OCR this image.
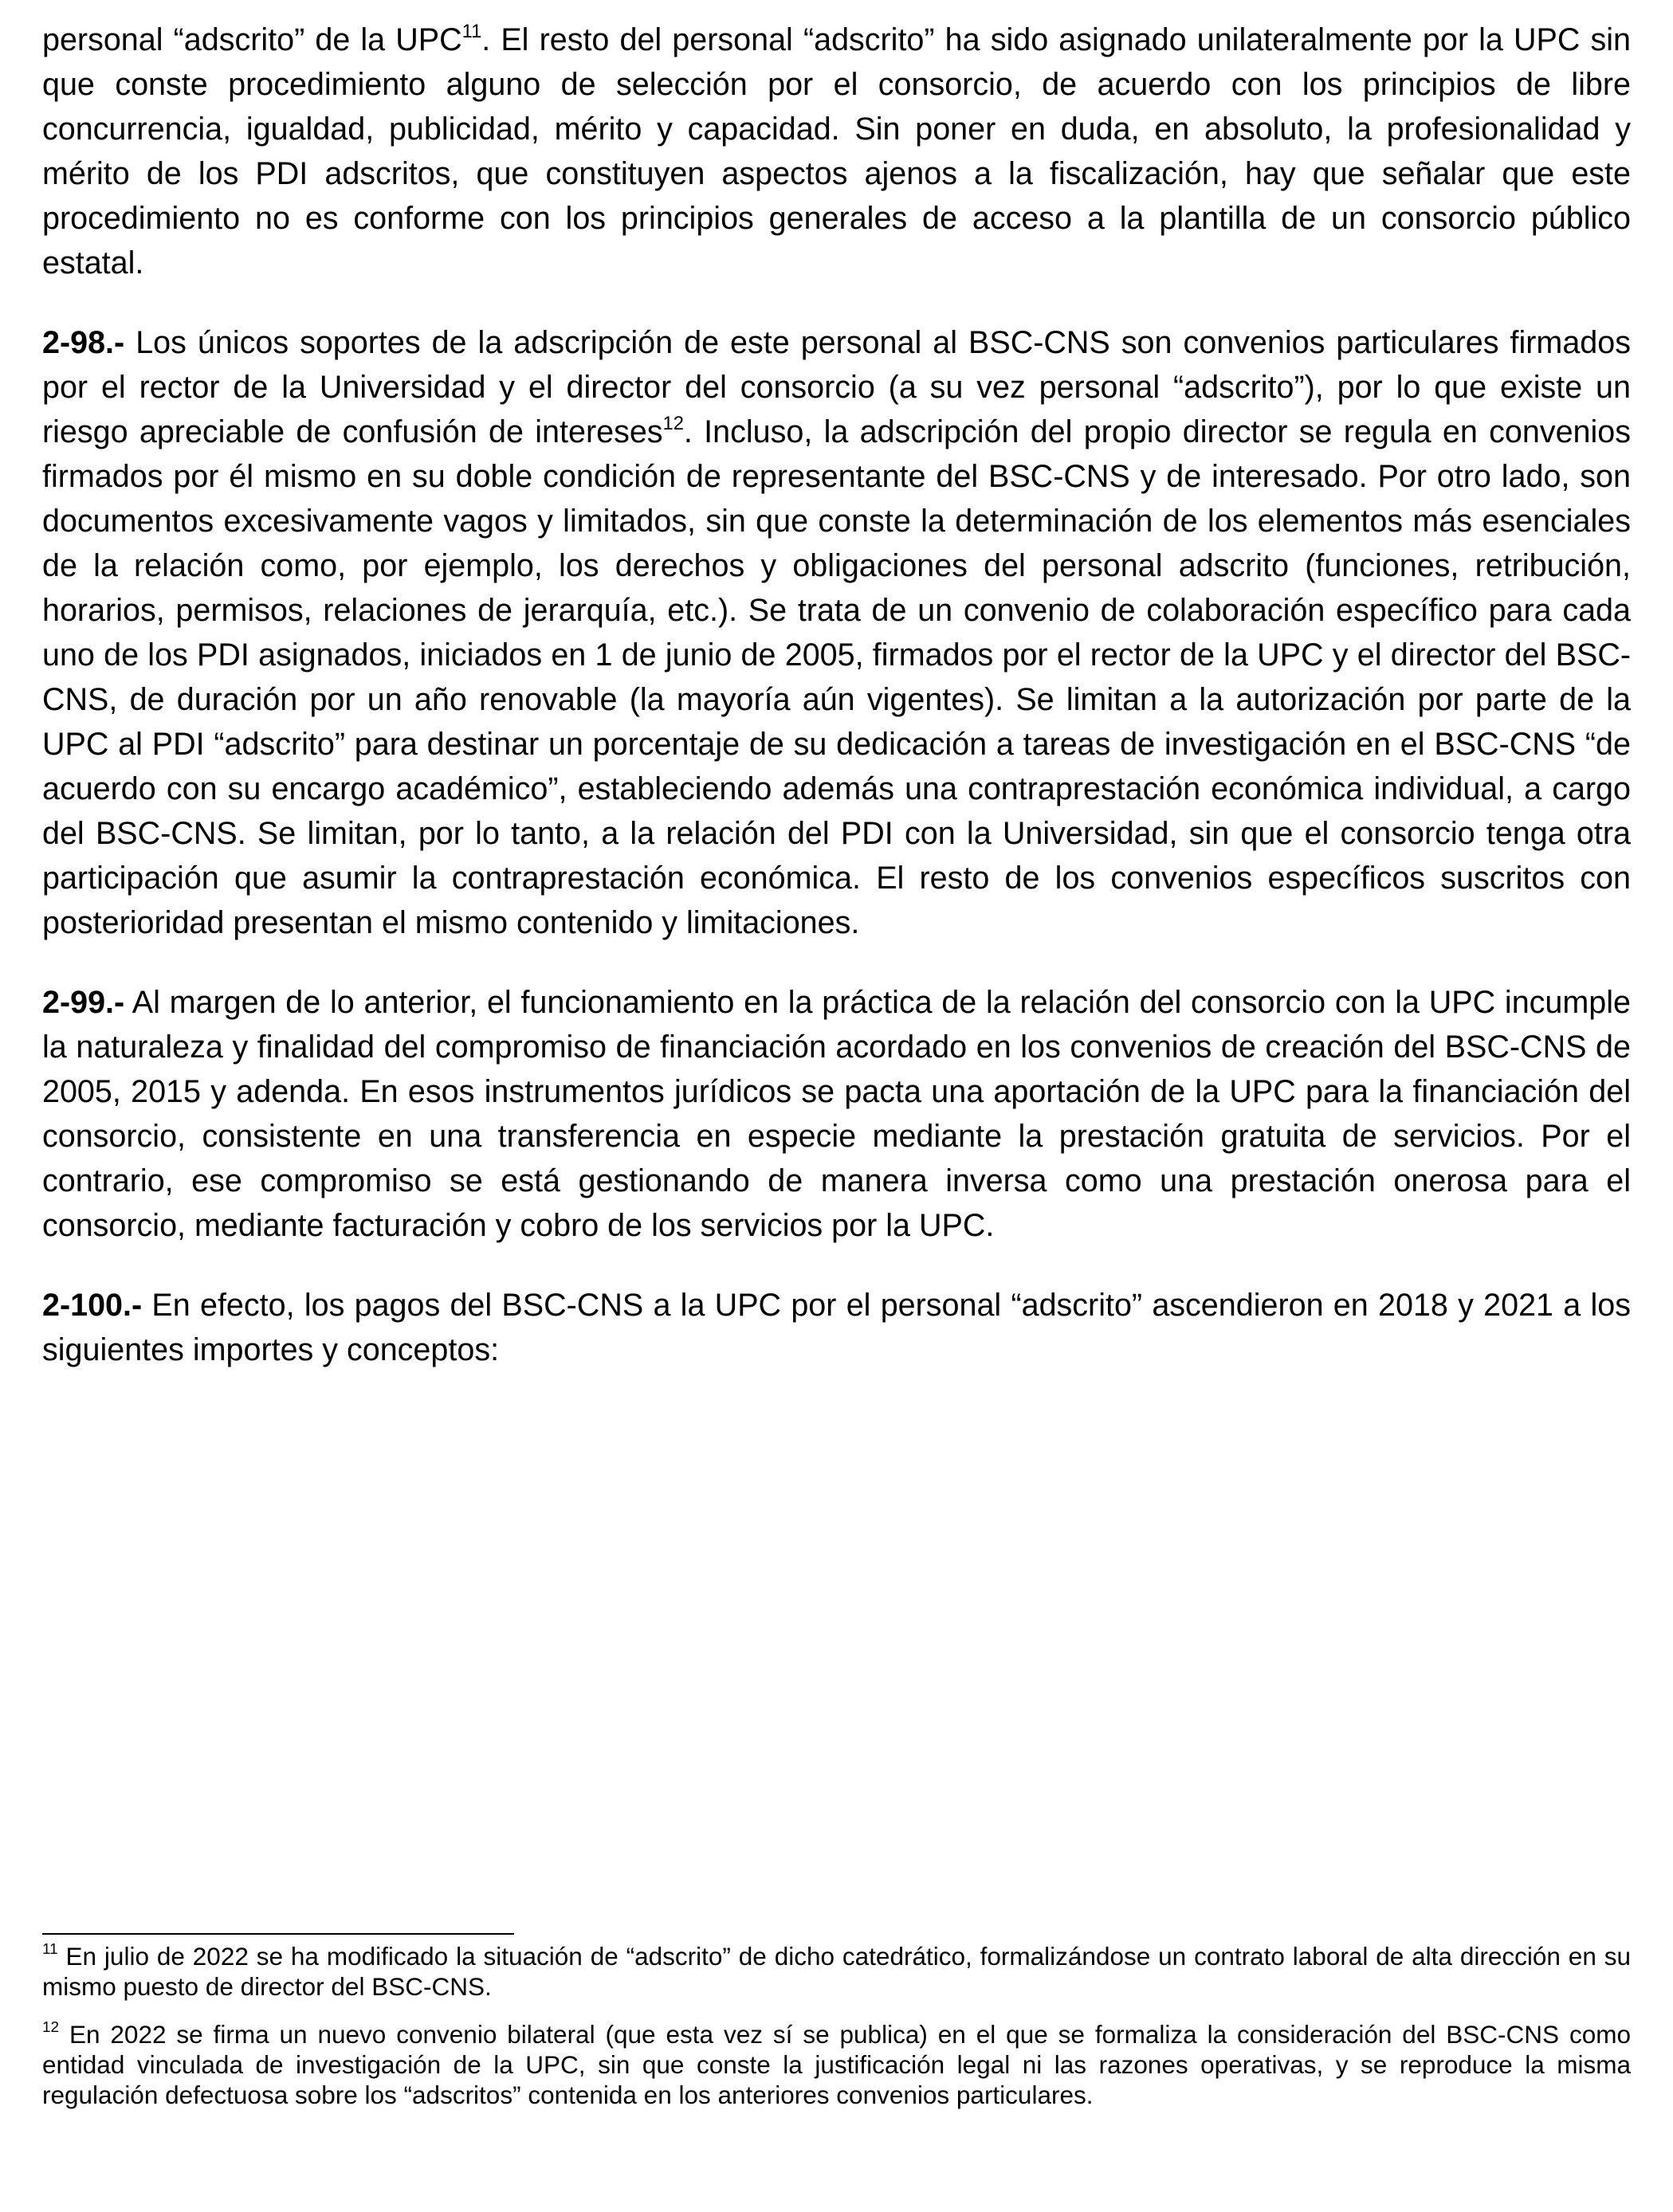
personal “adscrito” de la UPC$^{11}$. El resto del personal “adscrito” ha sido asignado unilateralmente por la UPC sin que conste procedimiento alguno de selección por el consorcio, de acuerdo con los principios de libre concurrencia, igualdad, publicidad, mérito y capacidad. Sin poner en duda, en absoluto, la profesionalidad y mérito de los PDI adscritos, que constituyen aspectos ajenos a la fiscalización, hay que señalar que este procedimiento no es conforme con los principios generales de acceso a la plantilla de un consorcio público estatal.

2-98.- Los únicos soportes de la adscripción de este personal al BSC-CNS son convenios particulares firmados por el rector de la Universidad y el director del consorcio (a su vez personal “adscrito”), por lo que existe un riesgo apreciable de confusión de intereses$^{12}$. Incluso, la adscripción del propio director se regula en convenios firmados por él mismo en su doble condición de representante del BSC-CNS y de interesado. Por otro lado, son documentos excesivamente vagos y limitados, sin que conste la determinación de los elementos más esenciales de la relación como, por ejemplo, los derechos y obligaciones del personal adscrito (funciones, retribución, horarios, permisos, relaciones de jerarquía, etc.). Se trata de un convenio de colaboración específico para cada uno de los PDI asignados, iniciados en 1 de junio de 2005, firmados por el rector de la UPC y el director del BSC-CNS, de duración por un año renovable (la mayoría aún vigentes). Se limitan a la autorización por parte de la UPC al PDI “adscrito” para destinar un porcentaje de su dedicación a tareas de investigación en el BSC-CNS “de acuerdo con su encargo académico”, estableciendo además una contraprestación económica individual, a cargo del BSC-CNS. Se limitan, por lo tanto, a la relación del PDI con la Universidad, sin que el consorcio tenga otra participación que asumir la contraprestación económica. El resto de los convenios específicos suscritos con posterioridad presentan el mismo contenido y limitaciones.

2-99.- Al margen de lo anterior, el funcionamiento en la práctica de la relación del consorcio con la UPC incumple la naturaleza y finalidad del compromiso de financiación acordado en los convenios de creación del BSC-CNS de 2005, 2015 y adenda. En esos instrumentos jurídicos se pacta una aportación de la UPC para la financiación del consorcio, consistente en una transferencia en especie mediante la prestación gratuita de servicios. Por el contrario, ese compromiso se está gestionando de manera inversa como una prestación onerosa para el consorcio, mediante facturación y cobro de los servicios por la UPC.

2-100.- En efecto, los pagos del BSC-CNS a la UPC por el personal “adscrito” ascendieron en 2018 y 2021 a los siguientes importes y conceptos:

$^{11}$ En julio de 2022 se ha modificado la situación de “adscrito” de dicho catedrático, formalizándose un contrato laboral de alta dirección en su mismo puesto de director del BSC-CNS.

$^{12}$ En 2022 se firma un nuevo convenio bilateral (que esta vez sí se publica) en el que se formaliza la consideración del BSC-CNS como entidad vinculada de investigación de la UPC, sin que conste la justificación legal ni las razones operativas, y se reproduce la misma regulación defectuosa sobre los “adscritos” contenida en los anteriores convenios particulares.
